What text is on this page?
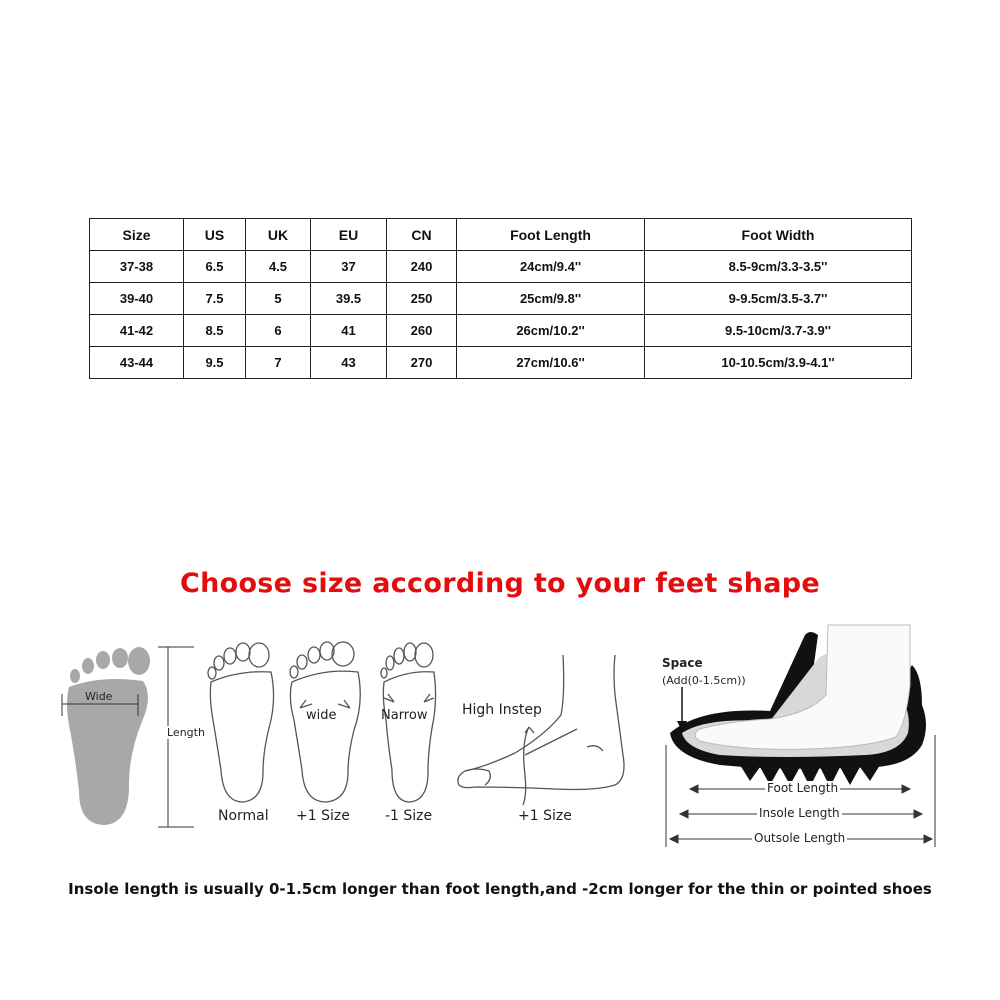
Size	US	UK	EU	CN	Foot Length	Foot Width
37-38	6.5	4.5	37	240	24cm/9.4''	8.5-9cm/3.3-3.5''
39-40	7.5	5	39.5	250	25cm/9.8''	9-9.5cm/3.5-3.7''
41-42	8.5	6	41	260	26cm/10.2''	9.5-10cm/3.7-3.9''
43-44	9.5	7	43	270	27cm/10.6''	10-10.5cm/3.9-4.1''
Choose size according to your feet shape
Wide
Length
Normal
wide
+1 Size
Narrow
-1 Size
High Instep
+1 Size
Space
(Add(0-1.5cm))
Foot Length
Insole Length
Outsole Length
Insole length is usually 0-1.5cm longer than foot length,and -2cm longer for the thin or pointed shoes
